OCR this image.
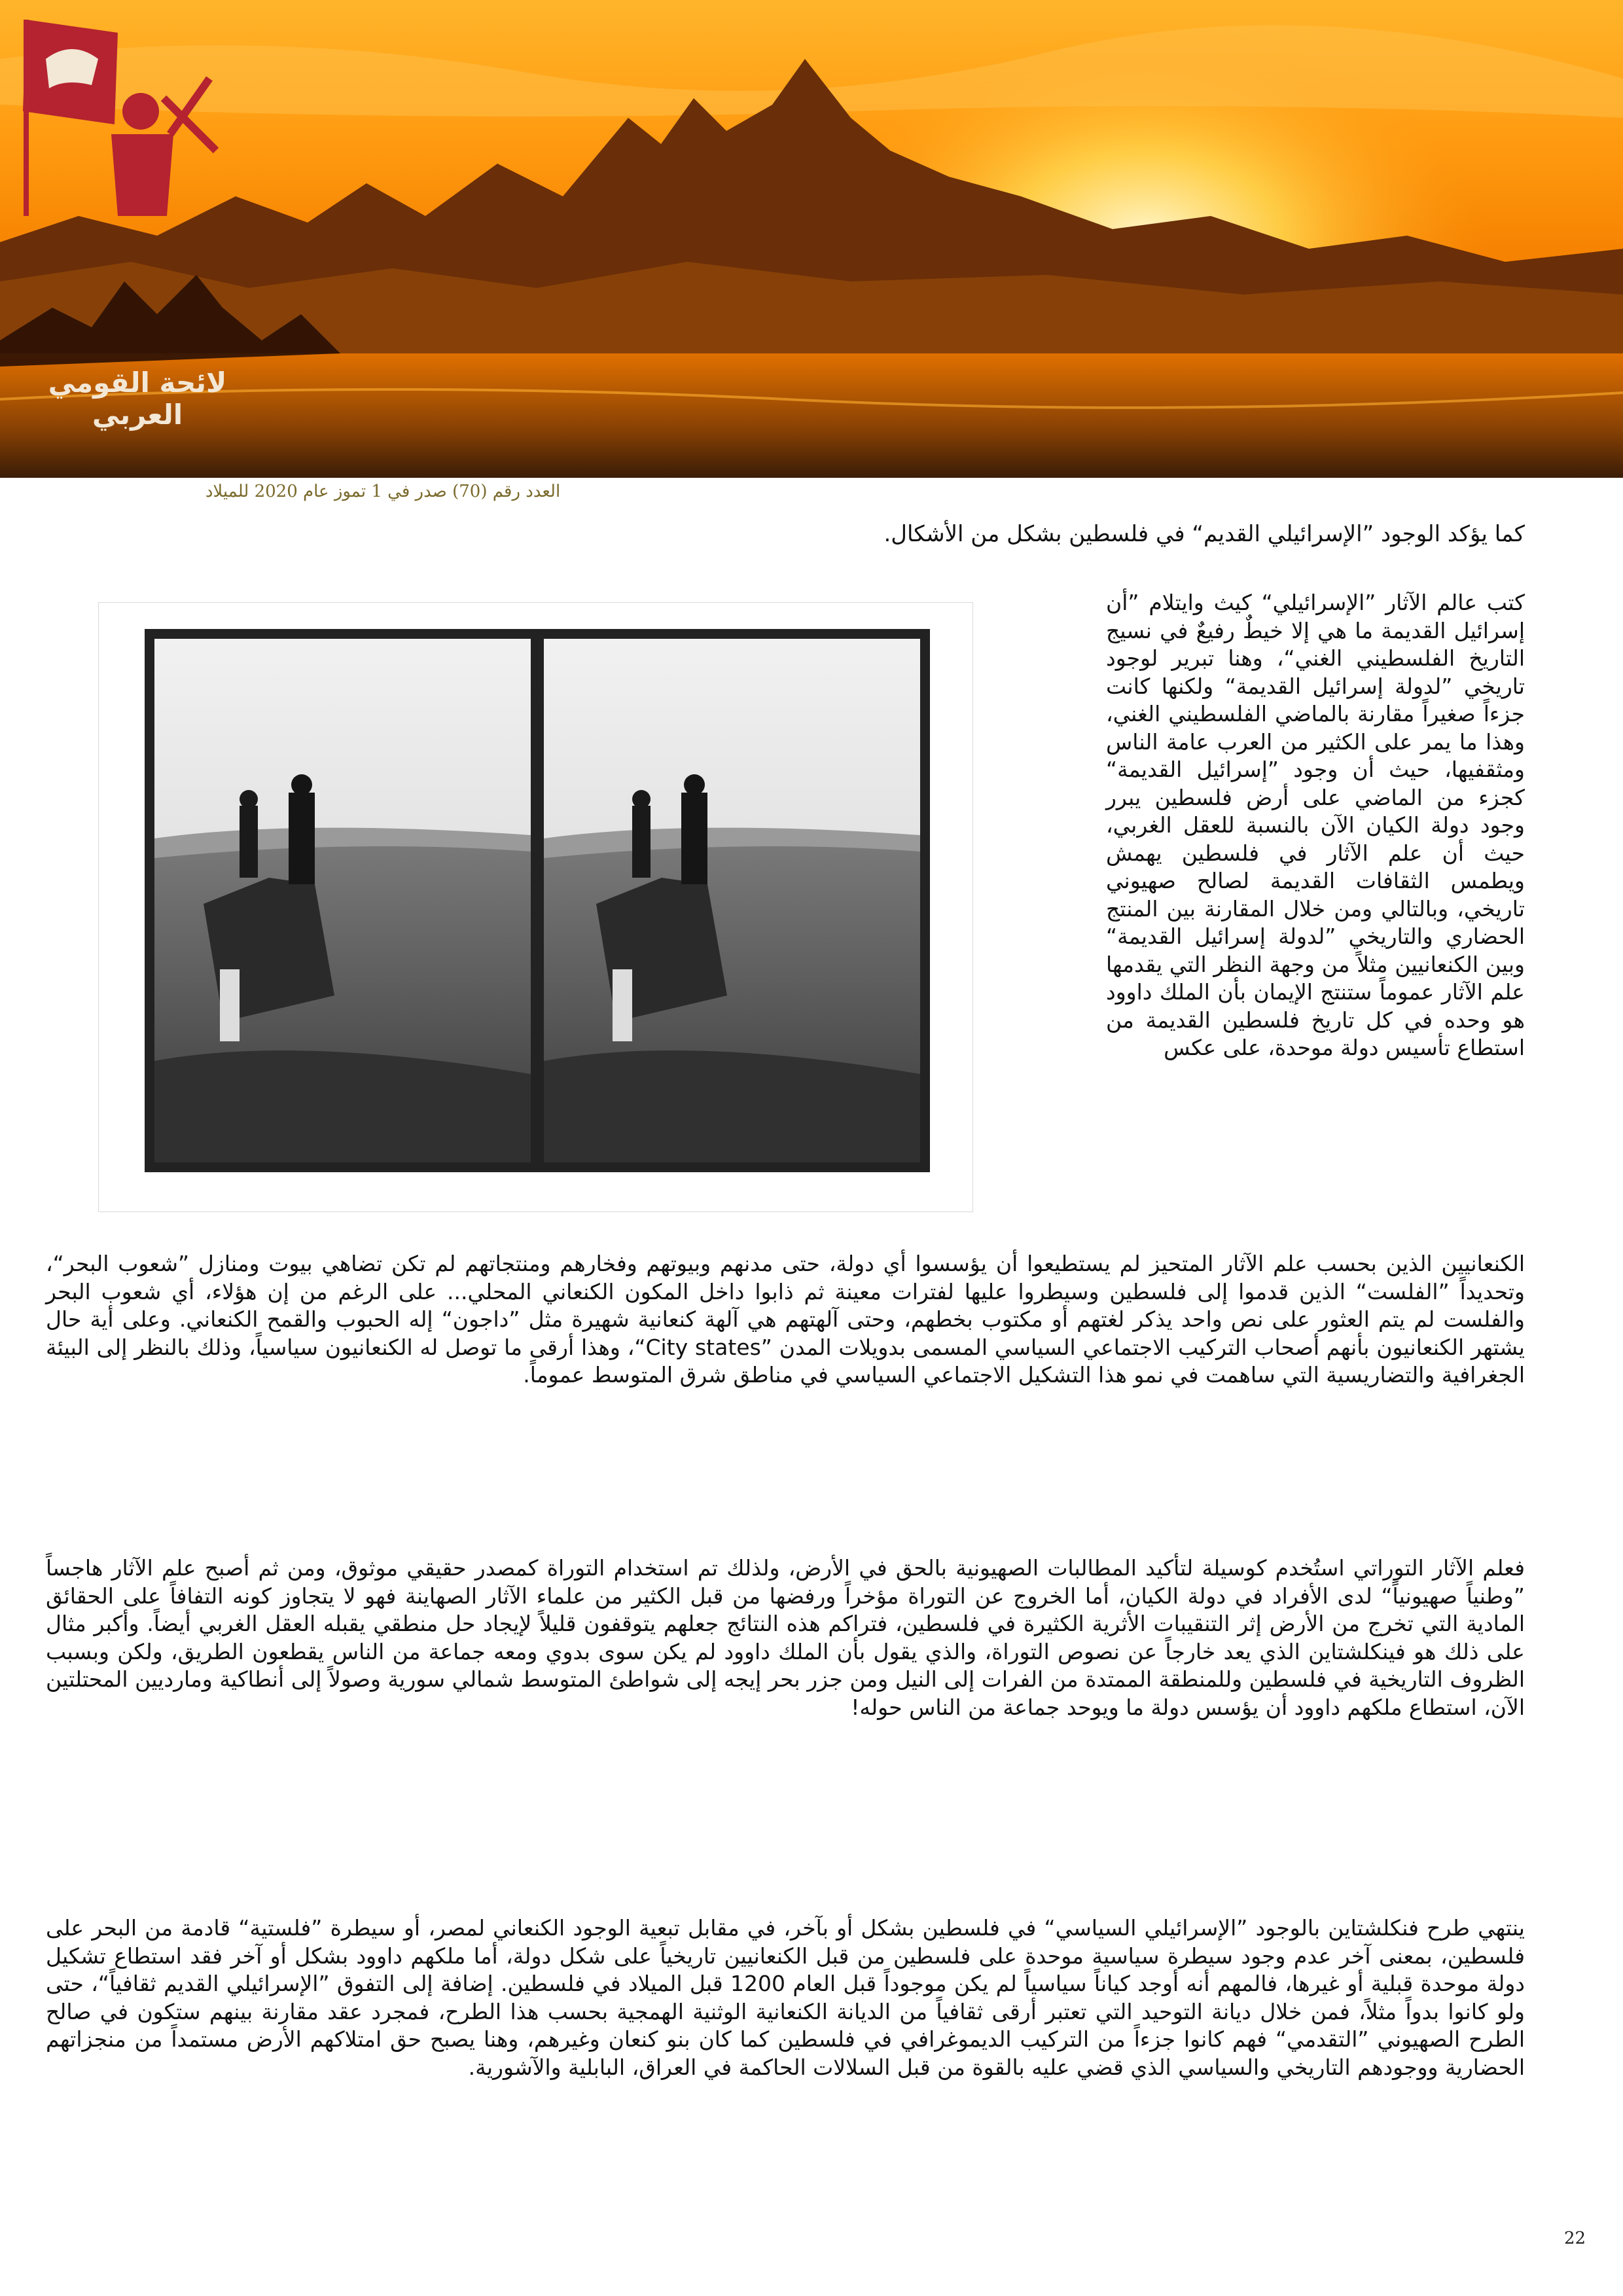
لائحة القومي العربي
العدد رقم (70) صدر في 1 تموز عام 2020 للميلاد
كما يؤكد الوجود ”الإسرائيلي القديم“ في فلسطين بشكل من الأشكال.
كتب عالم الآثار ”الإسرائيلي“ كيث وايتلام ”أن إسرائيل القديمة ما هي إلا خيطٌ رفيعٌ في نسيج التاريخ الفلسطيني الغني“، وهنا تبرير لوجود تاريخي ”لدولة إسرائيل القديمة“ ولكنها كانت جزءاً صغيراً مقارنة بالماضي الفلسطيني الغني، وهذا ما يمر على الكثير من العرب عامة الناس ومثقفيها، حيث أن وجود ”إسرائيل القديمة“ كجزء من الماضي على أرض فلسطين يبرر وجود دولة الكيان الآن بالنسبة للعقل الغربي، حيث أن علم الآثار في فلسطين يهمش ويطمس الثقافات القديمة لصالح صهيوني تاريخي، وبالتالي ومن خلال المقارنة بين المنتج الحضاري والتاريخي ”لدولة إسرائيل القديمة“ وبين الكنعانيين مثلاً من وجهة النظر التي يقدمها علم الآثار عموماً ستنتج الإيمان بأن الملك داوود هو وحده في كل تاريخ فلسطين القديمة من استطاع تأسيس دولة موحدة، على عكس
الكنعانيين الذين بحسب علم الآثار المتحيز لم يستطيعوا أن يؤسسوا أي دولة، حتى مدنهم وبيوتهم وفخارهم ومنتجاتهم لم تكن تضاهي بيوت ومنازل ”شعوب البحر“، وتحديداً ”الفلست“ الذين قدموا إلى فلسطين وسيطروا عليها لفترات معينة ثم ذابوا داخل المكون الكنعاني المحلي... على الرغم من إن هؤلاء، أي شعوب البحر والفلست لم يتم العثور على نص واحد يذكر لغتهم أو مكتوب بخطهم، وحتى آلهتهم هي آلهة كنعانية شهيرة مثل ”داجون“ إله الحبوب والقمح الكنعاني. وعلى أية حال يشتهر الكنعانيون بأنهم أصحاب التركيب الاجتماعي السياسي المسمى بدويلات المدن ”City states“، وهذا أرقى ما توصل له الكنعانيون سياسياً، وذلك بالنظر إلى البيئة الجغرافية والتضاريسية التي ساهمت في نمو هذا التشكيل الاجتماعي السياسي في مناطق شرق المتوسط عموماً.
فعلم الآثار التوراتي استُخدم كوسيلة لتأكيد المطالبات الصهيونية بالحق في الأرض، ولذلك تم استخدام التوراة كمصدر حقيقي موثوق، ومن ثم أصبح علم الآثار هاجساً ”وطنياً صهيونياً“ لدى الأفراد في دولة الكيان، أما الخروج عن التوراة مؤخراً ورفضها من قبل الكثير من علماء الآثار الصهاينة فهو لا يتجاوز كونه التفافاً على الحقائق المادية التي تخرج من الأرض إثر التنقيبات الأثرية الكثيرة في فلسطين، فتراكم هذه النتائج جعلهم يتوقفون قليلاً لإيجاد حل منطقي يقبله العقل الغربي أيضاً. وأكبر مثال على ذلك هو فينكلشتاين الذي يعد خارجاً عن نصوص التوراة، والذي يقول بأن الملك داوود لم يكن سوى بدوي ومعه جماعة من الناس يقطعون الطريق، ولكن وبسبب الظروف التاريخية في فلسطين وللمنطقة الممتدة من الفرات إلى النيل ومن جزر بحر إيجه إلى شواطئ المتوسط شمالي سورية وصولاً إلى أنطاكية ومارديين المحتلتين الآن، استطاع ملكهم داوود أن يؤسس دولة ما ويوحد جماعة من الناس حوله!
ينتهي طرح فنكلشتاين بالوجود ”الإسرائيلي السياسي“ في فلسطين بشكل أو بآخر، في مقابل تبعية الوجود الكنعاني لمصر، أو سيطرة ”فلستية“ قادمة من البحر على فلسطين، بمعنى آخر عدم وجود سيطرة سياسية موحدة على فلسطين من قبل الكنعانيين تاريخياً على شكل دولة، أما ملكهم داوود بشكل أو آخر فقد استطاع تشكيل دولة موحدة قبلية أو غيرها، فالمهم أنه أوجد كياناً سياسياً لم يكن موجوداً قبل العام 1200 قبل الميلاد في فلسطين. إضافة إلى التفوق ”الإسرائيلي القديم ثقافياً“، حتى ولو كانوا بدواً مثلاً، فمن خلال ديانة التوحيد التي تعتبر أرقى ثقافياً من الديانة الكنعانية الوثنية الهمجية بحسب هذا الطرح، فمجرد عقد مقارنة بينهم ستكون في صالح الطرح الصهيوني ”التقدمي“ فهم كانوا جزءاً من التركيب الديموغرافي في فلسطين كما كان بنو كنعان وغيرهم، وهنا يصبح حق امتلاكهم الأرض مستمداً من منجزاتهم الحضارية ووجودهم التاريخي والسياسي الذي قضي عليه بالقوة من قبل السلالات الحاكمة في العراق، البابلية والآشورية.
22
